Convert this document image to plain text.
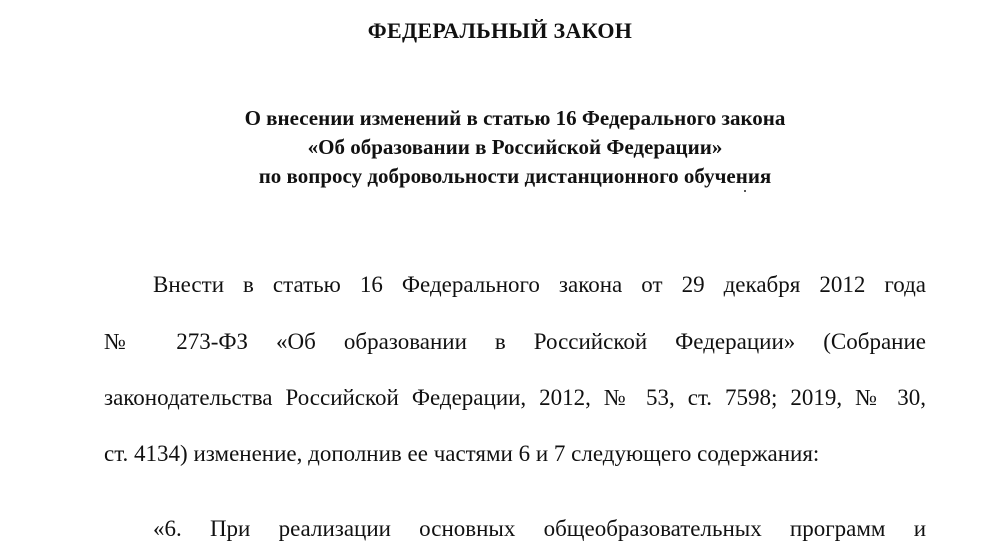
ФЕДЕРАЛЬНЫЙ ЗАКОН
О внесении изменений в статью 16 Федерального закона
«Об образовании в Российской Федерации»
по вопросу добровольности дистанционного обучения
Внести в статью 16 Федерального закона от 29 декабря 2012 года
№ 273-ФЗ «Об образовании в Российской Федерации» (Собрание
законодательства Российской Федерации, 2012, № 53, ст. 7598; 2019, № 30,
ст. 4134) изменение, дополнив ее частями 6 и 7 следующего содержания:
«6. При реализации основных общеобразовательных программ и
